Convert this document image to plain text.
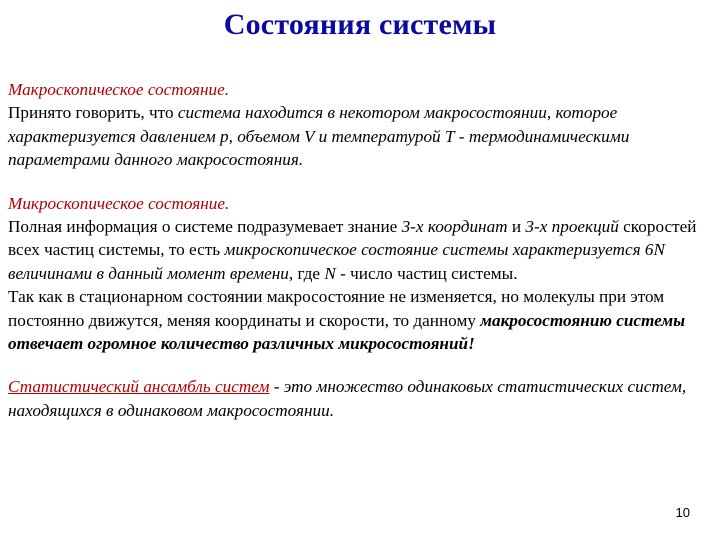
Состояния системы

Макроскопическое состояние.
Принято говорить, что система находится в некотором макросостоянии, которое характеризуется давлением р, объемом V и температурой Т - термодинамическими параметрами данного макросостояния.

Микроскопическое состояние.
Полная информация о системе подразумевает знание 3-х координат и 3-х проекций скоростей всех частиц системы, то есть микроскопическое состояние системы характеризуется 6N величинами в данный момент времени, где N - число частиц системы.
Так как в стационарном состоянии макросостояние не изменяется, но молекулы при этом постоянно движутся, меняя координаты и скорости, то данному макросостоянию системы отвечает огромное количество различных микросостояний!

Статистический ансамбль систем - это множество одинаковых статистических систем, находящихся в одинаковом макросостоянии.

10
